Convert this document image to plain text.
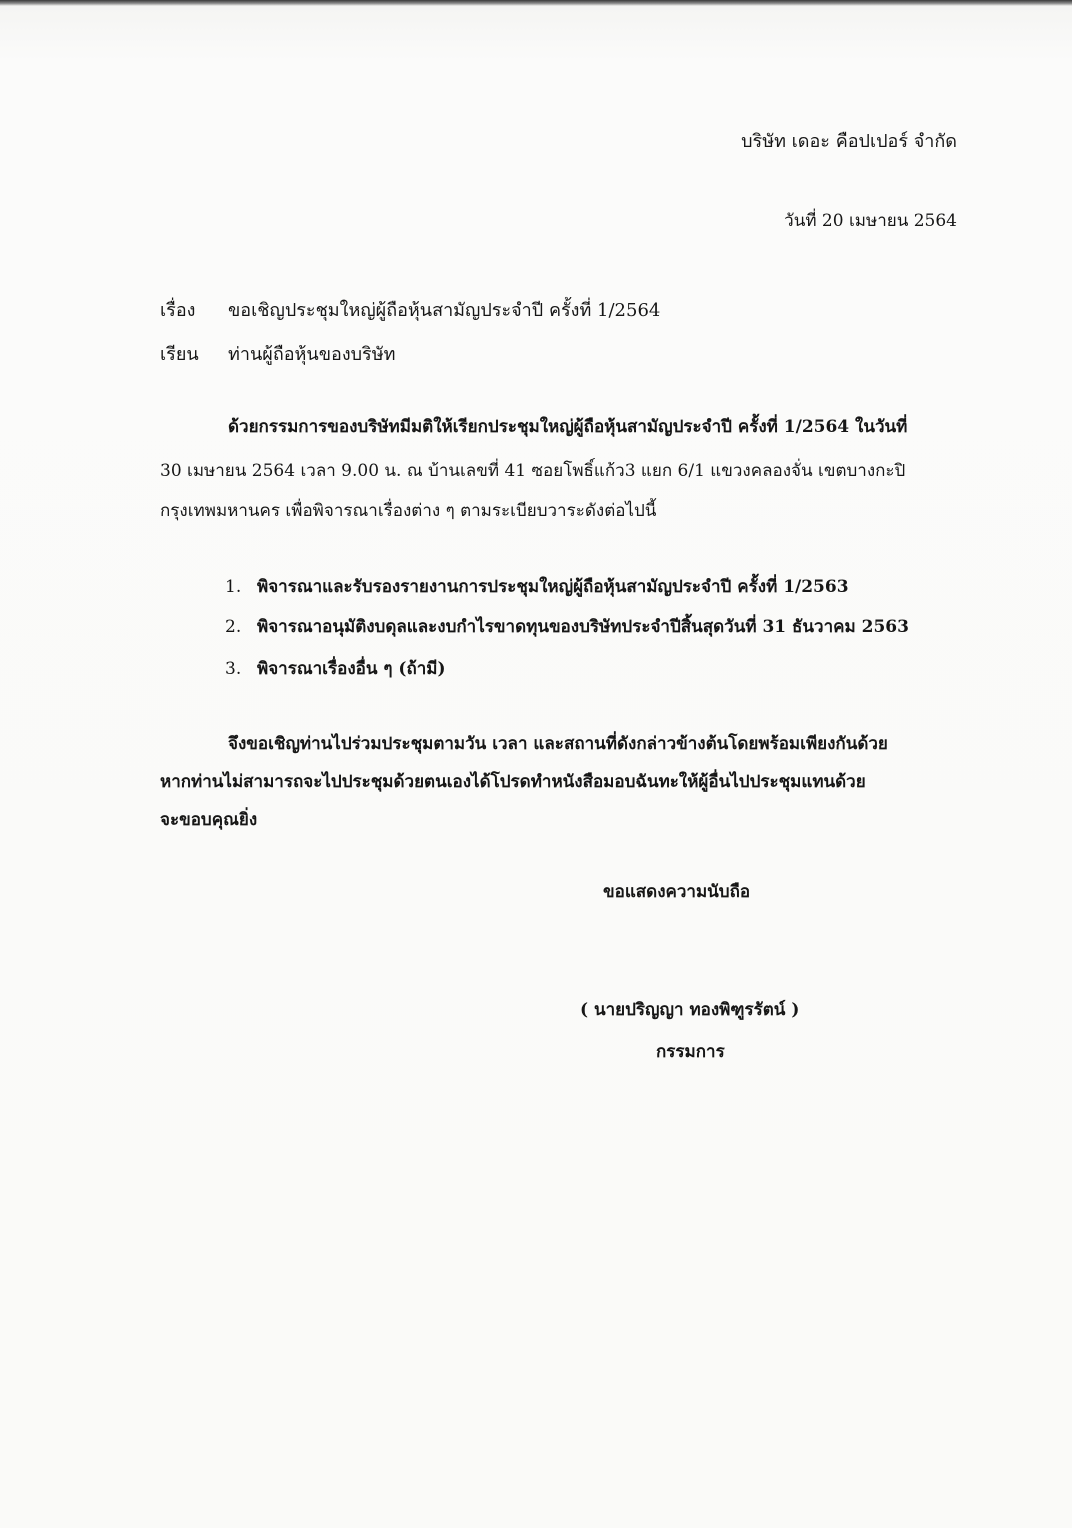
บริษัท เดอะ คือปเปอร์ จำกัด
วันที่ 20 เมษายน 2564
เรื่อง ขอเชิญประชุมใหญ่ผู้ถือหุ้นสามัญประจำปี ครั้งที่ 1/2564
เรียน ท่านผู้ถือหุ้นของบริษัท
ด้วยกรรมการของบริษัทมีมติให้เรียกประชุมใหญ่ผู้ถือหุ้นสามัญประจำปี ครั้งที่ 1/2564 ในวันที่
30 เมษายน 2564 เวลา 9.00 น. ณ บ้านเลขที่ 41 ซอยโพธิ์แก้ว3 แยก 6/1 แขวงคลองจั่น เขตบางกะปิ
กรุงเทพมหานคร เพื่อพิจารณาเรื่องต่าง ๆ ตามระเบียบวาระดังต่อไปนี้
1. พิจารณาและรับรองรายงานการประชุมใหญ่ผู้ถือหุ้นสามัญประจำปี ครั้งที่ 1/2563
2. พิจารณาอนุมัติงบดุลและงบกำไรขาดทุนของบริษัทประจำปีสิ้นสุดวันที่ 31 ธันวาคม 2563
3. พิจารณาเรื่องอื่น ๆ (ถ้ามี)
จึงขอเชิญท่านไปร่วมประชุมตามวัน เวลา และสถานที่ดังกล่าวข้างต้นโดยพร้อมเพียงกันด้วย
หากท่านไม่สามารถจะไปประชุมด้วยตนเองได้โปรดทำหนังสือมอบฉันทะให้ผู้อื่นไปประชุมแทนด้วย
จะขอบคุณยิ่ง
ขอแสดงความนับถือ
( นายปริญญา ทองพิฑูรรัตน์ )
กรรมการ
